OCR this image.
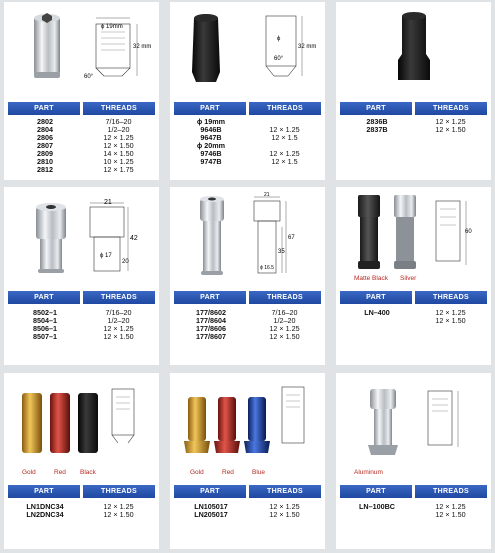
ϕ 19mm
32 mm
60°
PART	THREADS
2802	7/16–20
2804	1/2–20
2806	12 × 1.25
2807	12 × 1.50
2809	14 × 1.50
2810	10 × 1.25
2812	12 × 1.75
ϕ
32 mm
60°
PART	THREADS
ϕ 19mm
9646B	12 × 1.25
9647B	12 × 1.5
ϕ 20mm
9746B	12 × 1.25
9747B	12 × 1.5
PART	THREADS
2836B	12 × 1.25
2837B	12 × 1.50
21
42
ϕ 17
20
PART	THREADS
8502–1	7/16–20
8504–1	1/2–20
8506–1	12 × 1.25
8507–1	12 × 1.50
21
67
35
ϕ 16.5
PART	THREADS
177/8602	7/16–20
177/8604	1/2–20
177/8606	12 × 1.25
177/8607	12 × 1.50
60
Matte Black Silver
PART	THREADS
LN–400	12 × 1.25
12 × 1.50
Gold	Red Black
PART	THREADS
LN1DNC34	12 × 1.25
LN2DNC34	12 × 1.50
Gold	Red	Blue
PART	THREADS
LN105017	12 × 1.25
LN205017	12 × 1.50
Aluminum
PART	THREADS
LN–100BC	12 × 1.25
12 × 1.50
